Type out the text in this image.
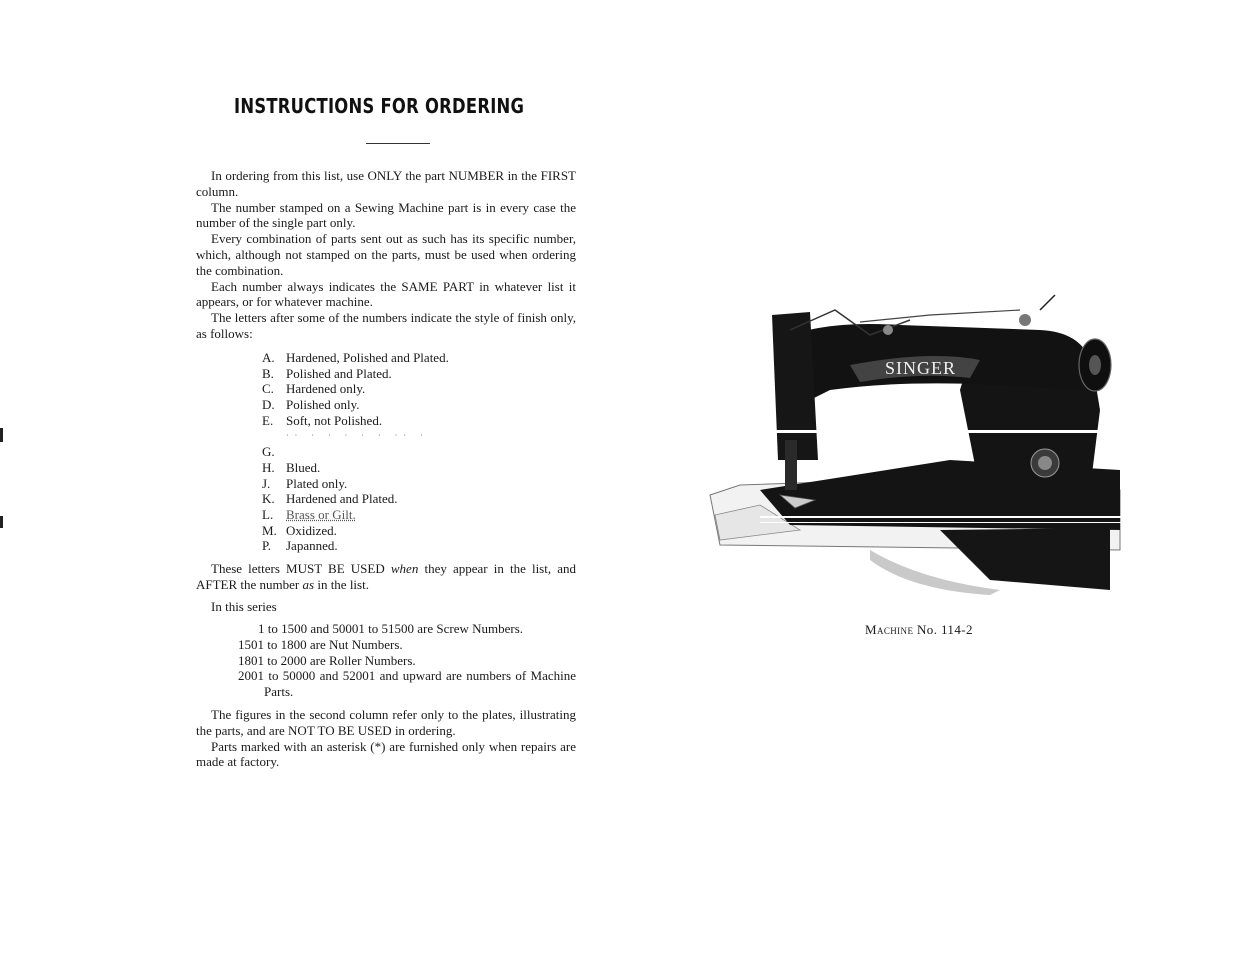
INSTRUCTIONS FOR ORDERING

In ordering from this list, use ONLY the part NUMBER in the FIRST column.

The number stamped on a Sewing Machine part is in every case the number of the single part only.

Every combination of parts sent out as such has its specific number, which, although not stamped on the parts, must be used when ordering the combination.

Each number always indicates the SAME PART in whatever list it appears, or for whatever machine.

The letters after some of the numbers indicate the style of finish only, as follows:

A. Hardened, Polished and Plated.
B. Polished and Plated.
C. Hardened only.
D. Polished only.
E. Soft, not Polished.
·· · · · · · ·· ·
G.
H. Blued.
J.	Plated only.
K. Hardened and Plated.
L. Brass or Gilt.
M. Oxidized.
P.	Japanned.

These letters MUST BE USED when they appear in the list, and AFTER the number as in the list.

In this series

1 to 1500 and 50001 to 51500 are Screw Numbers.

1501 to 1800 are Nut Numbers.

1801 to 2000 are Roller Numbers.

2001 to 50000 and 52001 and upward are numbers of Machine Parts.

The figures in the second column refer only to the plates, illustrating the parts, and are NOT TO BE USED in ordering.

Parts marked with an asterisk (*) are furnished only when repairs are made at factory.

SINGER
Machine No. 114-2
